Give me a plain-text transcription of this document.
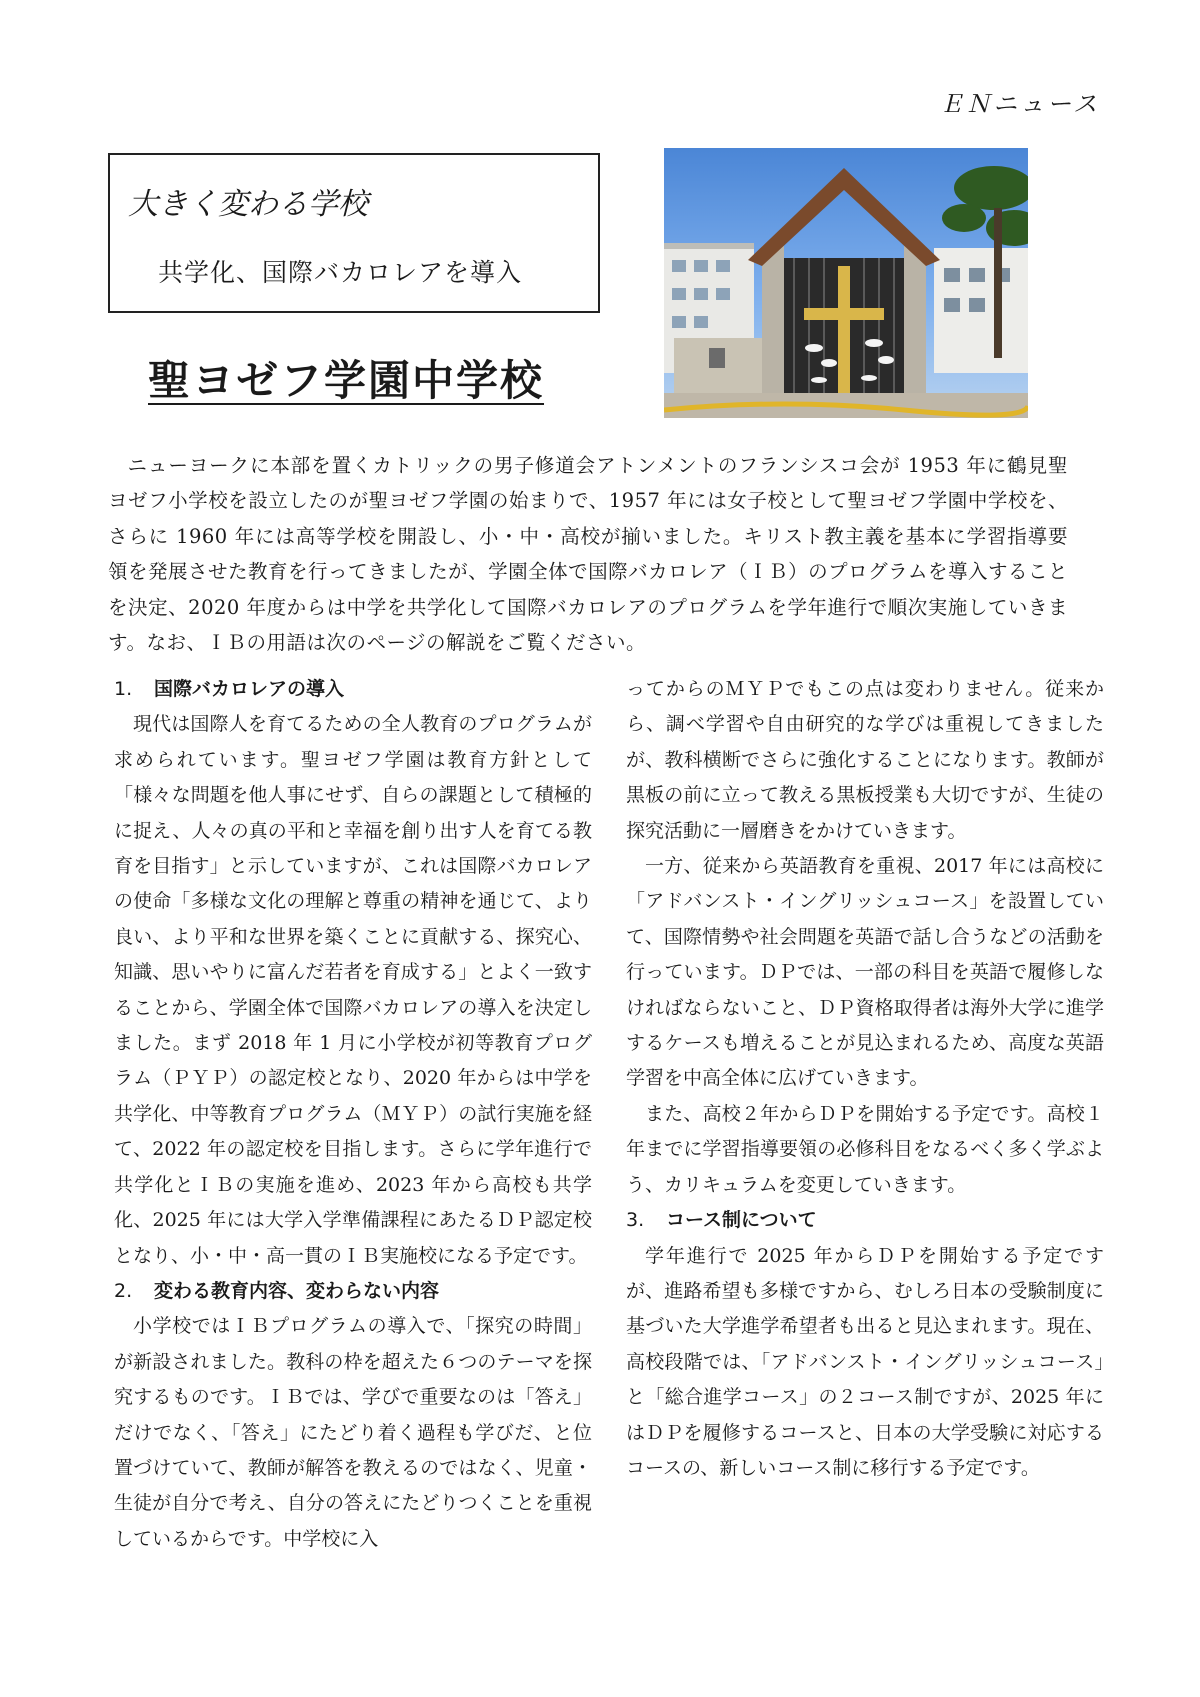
ＥＮニュース
大きく変わる学校
共学化、国際バカロレアを導入
聖ヨゼフ学園中学校

ニューヨークに本部を置くカトリックの男子修道会アトンメントのフランシスコ会が 1953 年に鶴見聖ヨゼフ小学校を設立したのが聖ヨゼフ学園の始まりで、1957 年には女子校として聖ヨゼフ学園中学校を、さらに 1960 年には高等学校を開設し、小・中・高校が揃いました。キリスト教主義を基本に学習指導要領を発展させた教育を行ってきましたが、学園全体で国際バカロレア（ＩＢ）のプログラムを導入することを決定、2020 年度からは中学を共学化して国際バカロレアのプログラムを学年進行で順次実施していきます。なお、ＩＢの用語は次のページの解説をご覧ください。

1. 国際バカロレアの導入

現代は国際人を育てるための全人教育のプログラムが求められています。聖ヨゼフ学園は教育方針として「様々な問題を他人事にせず、自らの課題として積極的に捉え、人々の真の平和と幸福を創り出す人を育てる教育を目指す」と示していますが、これは国際バカロレアの使命「多様な文化の理解と尊重の精神を通じて、より良い、より平和な世界を築くことに貢献する、探究心、知識、思いやりに富んだ若者を育成する」とよく一致することから、学園全体で国際バカロレアの導入を決定しました。まず 2018 年 1 月に小学校が初等教育プログラム（ＰＹＰ）の認定校となり、2020 年からは中学を共学化、中等教育プログラム（ＭＹＰ）の試行実施を経て、2022 年の認定校を目指します。さらに学年進行で共学化とＩＢの実施を進め、2023 年から高校も共学化、2025 年には大学入学準備課程にあたるＤＰ認定校となり、小・中・高一貫のＩＢ実施校になる予定です。

2. 変わる教育内容、変わらない内容

小学校ではＩＢプログラムの導入で、「探究の時間」が新設されました。教科の枠を超えた６つのテーマを探究するものです。ＩＢでは、学びで重要なのは「答え」だけでなく、「答え」にたどり着く過程も学びだ、と位置づけていて、教師が解答を教えるのではなく、児童・生徒が自分で考え、自分の答えにたどりつくことを重視しているからです。中学校に入

ってからのＭＹＰでもこの点は変わりません。従来から、調べ学習や自由研究的な学びは重視してきましたが、教科横断でさらに強化することになります。教師が黒板の前に立って教える黒板授業も大切ですが、生徒の探究活動に一層磨きをかけていきます。

一方、従来から英語教育を重視、2017 年には高校に「アドバンスト・イングリッシュコース」を設置していて、国際情勢や社会問題を英語で話し合うなどの活動を行っています。ＤＰでは、一部の科目を英語で履修しなければならないこと、ＤＰ資格取得者は海外大学に進学するケースも増えることが見込まれるため、高度な英語学習を中高全体に広げていきます。

また、高校２年からＤＰを開始する予定です。高校１年までに学習指導要領の必修科目をなるべく多く学ぶよう、カリキュラムを変更していきます。

3. コース制について

学年進行で 2025 年からＤＰを開始する予定ですが、進路希望も多様ですから、むしろ日本の受験制度に基づいた大学進学希望者も出ると見込まれます。現在、高校段階では、「アドバンスト・イングリッシュコース」と「総合進学コース」の２コース制ですが、2025 年にはＤＰを履修するコースと、日本の大学受験に対応するコースの、新しいコース制に移行する予定です。
